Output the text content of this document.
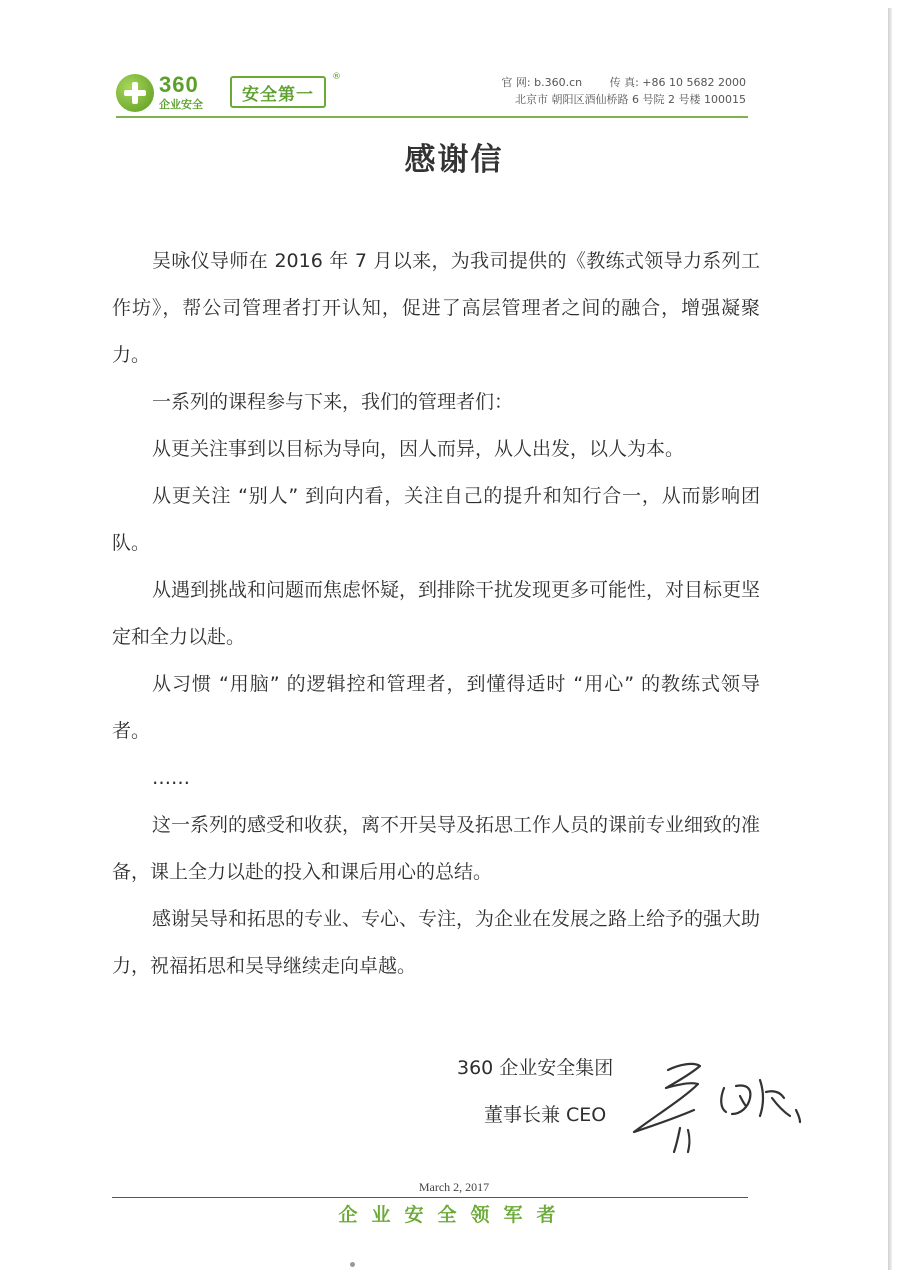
360
企业安全	安全第一
®	官 网: b.360.cn	传 真: +86 10 5682 2000
北京市 朝阳区酒仙桥路 6 号院 2 号楼 100015
感谢信

吴咏仪导师在 2016 年 7 月以来，为我司提供的《教练式领导力系列工作坊》，帮公司管理者打开认知，促进了高层管理者之间的融合，增强凝聚力。

一系列的课程参与下来，我们的管理者们：

从更关注事到以目标为导向，因人而异，从人出发，以人为本。

从更关注 “别人” 到向内看，关注自己的提升和知行合一，从而影响团队。

从遇到挑战和问题而焦虑怀疑，到排除干扰发现更多可能性，对目标更坚定和全力以赴。

从习惯 “用脑” 的逻辑控和管理者，到懂得适时 “用心” 的教练式领导者。

……

这一系列的感受和收获，离不开吴导及拓思工作人员的课前专业细致的准备，课上全力以赴的投入和课后用心的总结。

感谢吴导和拓思的专业、专心、专注，为企业在发展之路上给予的强大助力，祝福拓思和吴导继续走向卓越。

360 企业安全集团
董事长兼 CEO
March 2, 2017
企业安全领军者
